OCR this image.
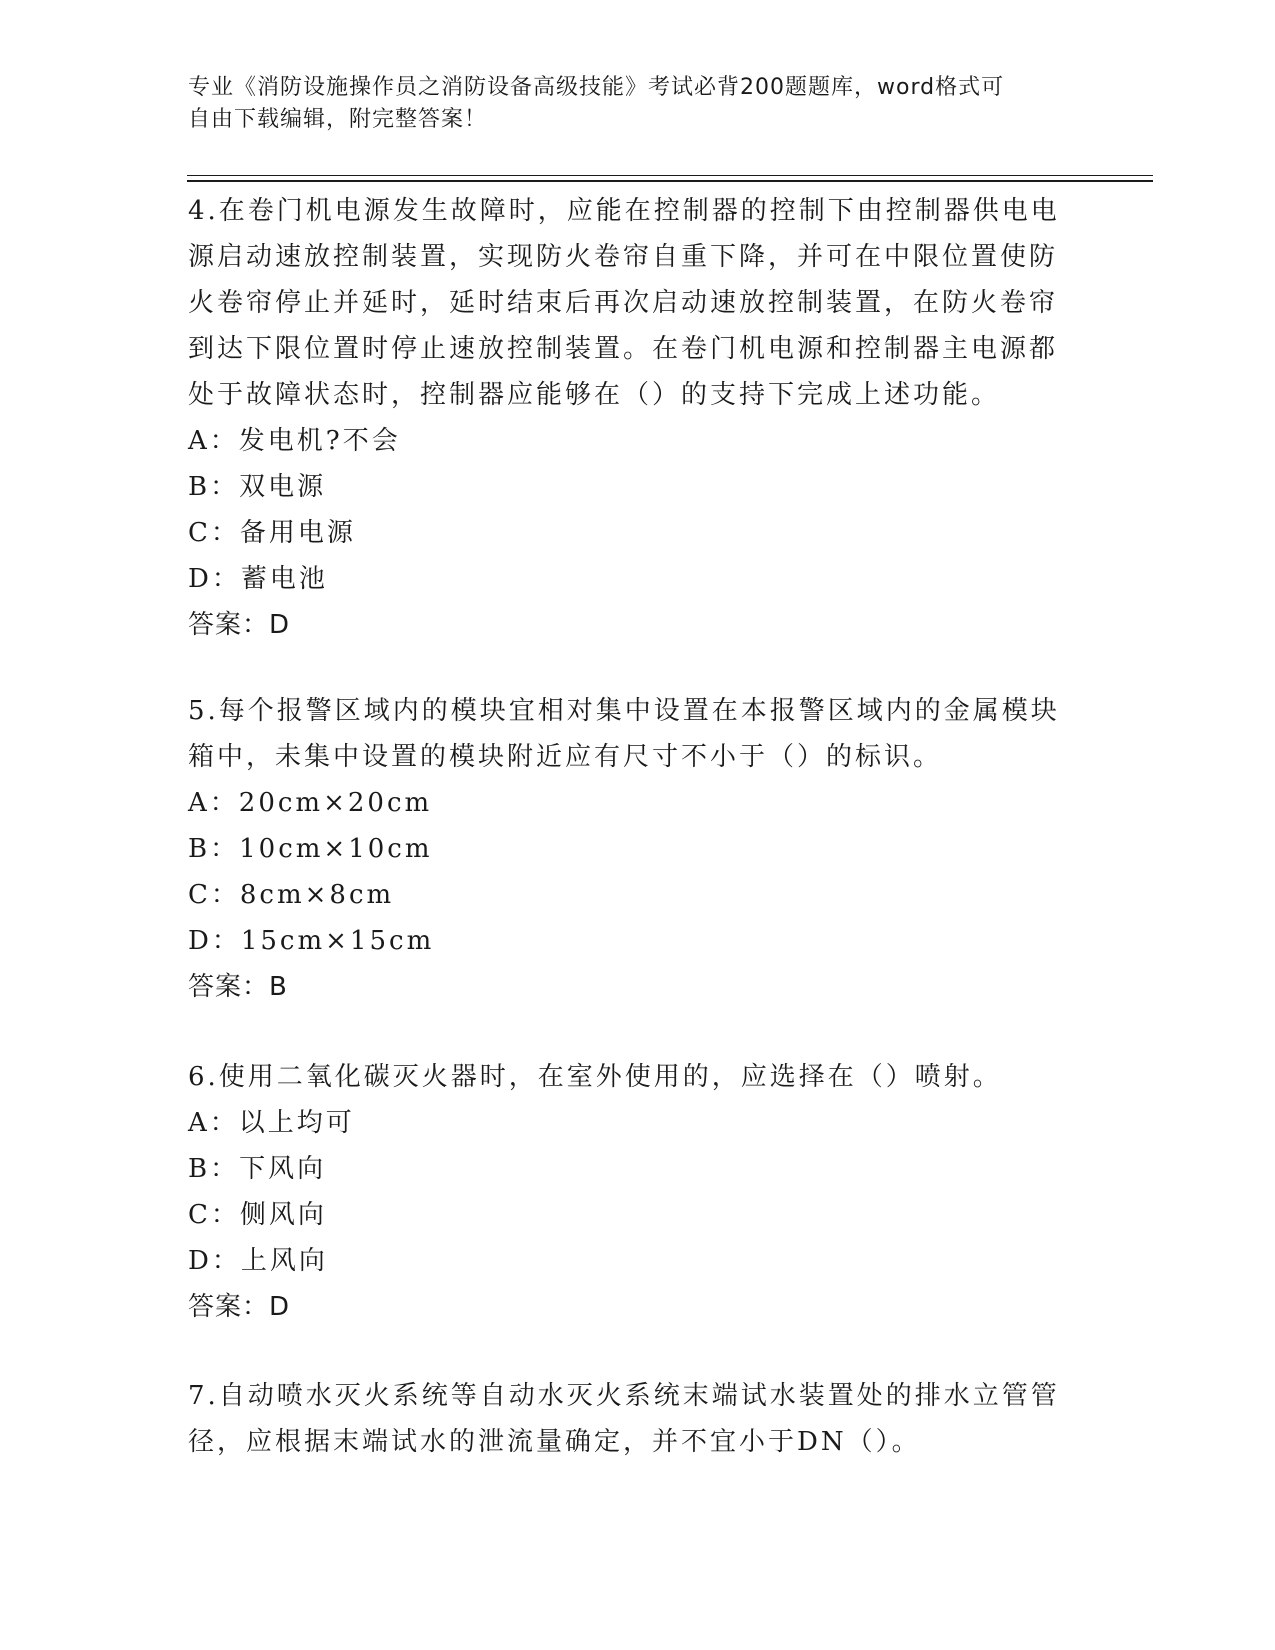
专业《消防设施操作员之消防设备高级技能》考试必背200题题库，word格式可
自由下载编辑，附完整答案！
4.在卷门机电源发生故障时，应能在控制器的控制下由控制器供电电源启动速放控制装置，实现防火卷帘自重下降，并可在中限位置使防火卷帘停止并延时，延时结束后再次启动速放控制装置，在防火卷帘到达下限位置时停止速放控制装置。在卷门机电源和控制器主电源都处于故障状态时，控制器应能够在（）的支持下完成上述功能。
A：发电机?不会
B：双电源
C：备用电源
D：蓄电池
答案：D
5.每个报警区域内的模块宜相对集中设置在本报警区域内的金属模块箱中，未集中设置的模块附近应有尺寸不小于（）的标识。
A：20cm×20cm
B：10cm×10cm
C：8cm×8cm
D：15cm×15cm
答案：B
6.使用二氧化碳灭火器时，在室外使用的，应选择在（）喷射。
A：以上均可
B：下风向
C：侧风向
D：上风向
答案：D
7.自动喷水灭火系统等自动水灭火系统末端试水装置处的排水立管管径，应根据末端试水的泄流量确定，并不宜小于DN（）。
